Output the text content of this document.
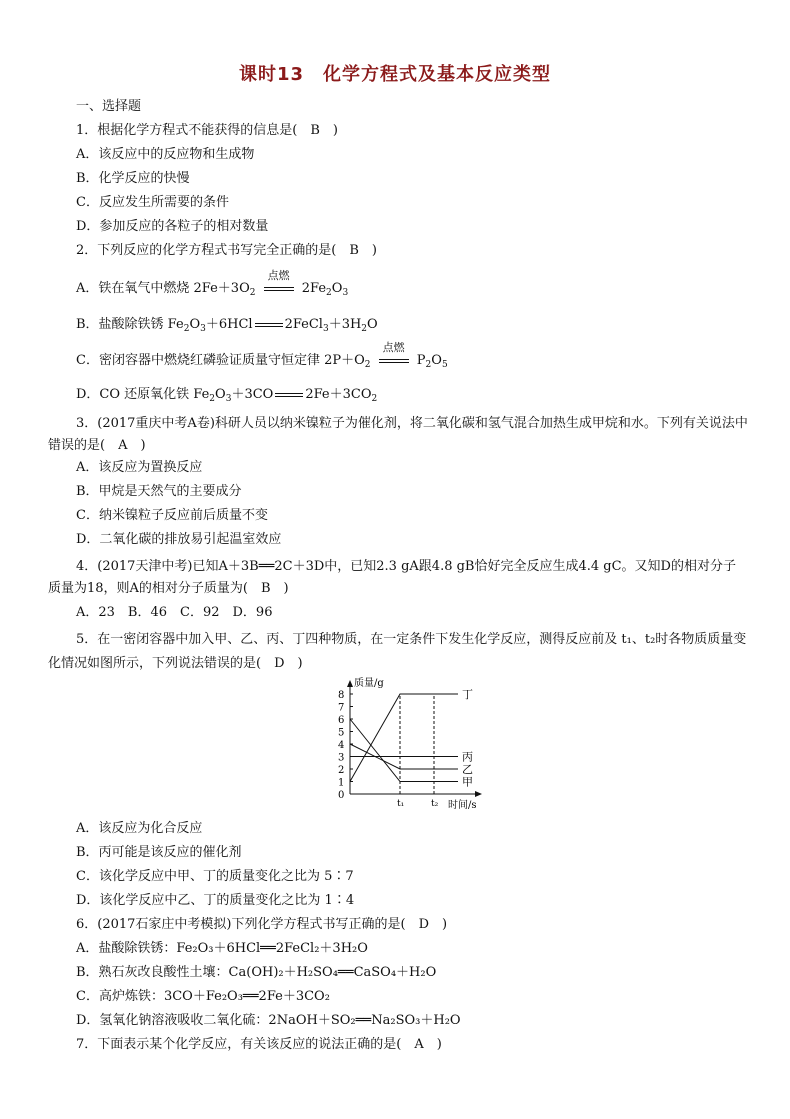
课时13　化学方程式及基本反应类型
一、选择题
1．根据化学方程式不能获得的信息是(　B　)
A．该反应中的反应物和生成物
B．化学反应的快慢
C．反应发生所需要的条件
D．参加反应的各粒子的相对数量
2．下列反应的化学方程式书写完全正确的是(　B　)
A．铁在氧气中燃烧 $2Fe+3O_2$
点燃
$2Fe_2O_3$
B．盐酸除铁锈 $Fe_2O_3+6HCl$ $2FeCl_3+3H_2O$
C．密闭容器中燃烧红磷验证质量守恒定律 $2P+O_2$
点燃
$P_2O_5$
D．CO 还原氧化铁 $Fe_2O_3+3CO$ $2Fe+3CO_2$
3．(2017重庆中考A卷)科研人员以纳米镍粒子为催化剂，将二氧化碳和氢气混合加热生成甲烷和水。下列有关说法中错误的是(　A　)
A．该反应为置换反应
B．甲烷是天然气的主要成分
C．纳米镍粒子反应前后质量不变
D．二氧化碳的排放易引起温室效应
4．(2017天津中考)已知A＋3B══2C＋3D中，已知2.3 gA跟4.8 gB恰好完全反应生成4.4 gC。又知D的相对分子质量为18，则A的相对分子质量为(　B　)
A．23　B．46　C．92　D．96
5．在一密闭容器中加入甲、乙、丙、丁四种物质，在一定条件下发生化学反应，测得反应前及 t₁、t₂时各物质质量变化情况如图所示，下列说法错误的是(　D　)
质量/g
时间/s
0
1
2
3
4
5
6
7
8
t₁	t₂
丁
丙
乙
甲
A．该反应为化合反应
B．丙可能是该反应的催化剂
C．该化学反应中甲、丁的质量变化之比为 5∶7
D．该化学反应中乙、丁的质量变化之比为 1∶4
6．(2017石家庄中考模拟)下列化学方程式书写正确的是(　D　)
A．盐酸除铁锈：Fe₂O₃＋6HCl══2FeCl₂＋3H₂O
B．熟石灰改良酸性土壤：Ca(OH)₂＋H₂SO₄══CaSO₄＋H₂O
C．高炉炼铁：3CO＋Fe₂O₃══2Fe＋3CO₂
D．氢氧化钠溶液吸收二氧化硫：2NaOH＋SO₂══Na₂SO₃＋H₂O
7．下面表示某个化学反应，有关该反应的说法正确的是(　A　)
